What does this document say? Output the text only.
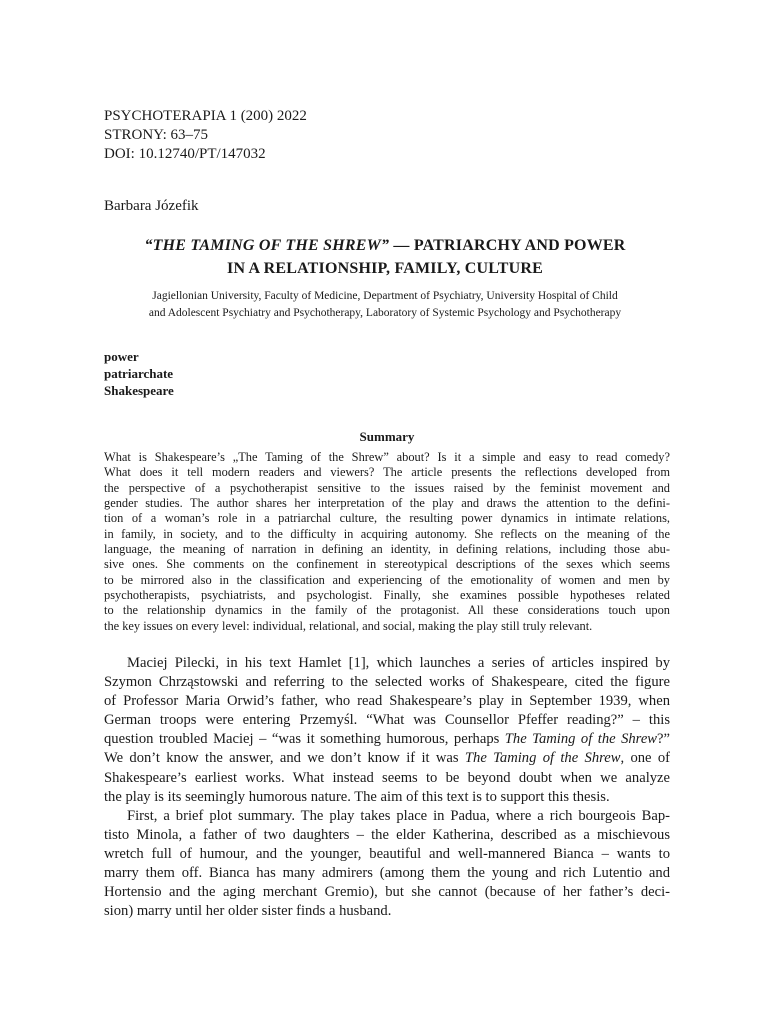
PSYCHOTERAPIA 1 (200) 2022
STRONY: 63–75
DOI: 10.12740/PT/147032
Barbara Józefik
“THE TAMING OF THE SHREW” — PATRIARCHY AND POWER
IN A RELATIONSHIP, FAMILY, CULTURE
Jagiellonian University, Faculty of Medicine, Department of Psychiatry, University Hospital of Child
and Adolescent Psychiatry and Psychotherapy, Laboratory of Systemic Psychology and Psychotherapy
power
patriarchate
Shakespeare
Summary
What is Shakespeare’s „The Taming of the Shrew” about? Is it a simple and easy to read comedy?
What does it tell modern readers and viewers? The article presents the reflections developed from
the perspective of a psychotherapist sensitive to the issues raised by the feminist movement and
gender studies. The author shares her interpretation of the play and draws the attention to the defini-
tion of a woman’s role in a patriarchal culture, the resulting power dynamics in intimate relations,
in family, in society, and to the difficulty in acquiring autonomy. She reflects on the meaning of the
language, the meaning of narration in defining an identity, in defining relations, including those abu-
sive ones. She comments on the confinement in stereotypical descriptions of the sexes which seems
to be mirrored also in the classification and experiencing of the emotionality of women and men by
psychotherapists, psychiatrists, and psychologist. Finally, she examines possible hypotheses related
to the relationship dynamics in the family of the protagonist. All these considerations touch upon
the key issues on every level: individual, relational, and social, making the play still truly relevant.
Maciej Pilecki, in his text Hamlet [1], which launches a series of articles inspired by
Szymon Chrząstowski and referring to the selected works of Shakespeare, cited the figure
of Professor Maria Orwid’s father, who read Shakespeare’s play in September 1939, when
German troops were entering Przemyśl. “What was Counsellor Pfeffer reading?” – this
question troubled Maciej – “was it something humorous, perhaps The Taming of the Shrew?”
We don’t know the answer, and we don’t know if it was The Taming of the Shrew, one of
Shakespeare’s earliest works. What instead seems to be beyond doubt when we analyze
the play is its seemingly humorous nature. The aim of this text is to support this thesis.
First, a brief plot summary. The play takes place in Padua, where a rich bourgeois Bap-
tisto Minola, a father of two daughters – the elder Katherina, described as a mischievous
wretch full of humour, and the younger, beautiful and well-mannered Bianca – wants to
marry them off. Bianca has many admirers (among them the young and rich Lutentio and
Hortensio and the aging merchant Gremio), but she cannot (because of her father’s deci-
sion) marry until her older sister finds a husband.
